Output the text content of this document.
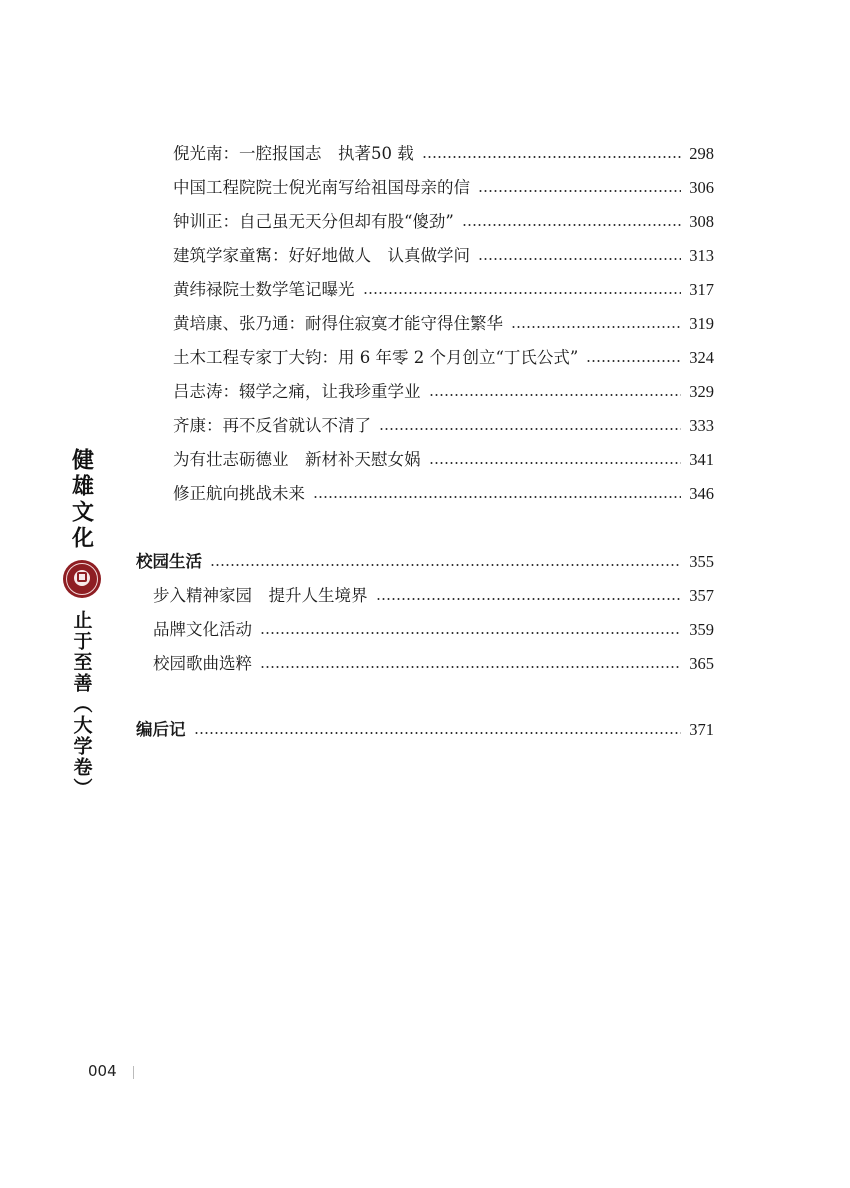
倪光南：一腔报国志　执著50 载	298
中国工程院院士倪光南写给祖国母亲的信	306
钟训正：自己虽无天分但却有股“傻劲”	308
建筑学家童寯：好好地做人　认真做学问	313
黄纬禄院士数学笔记曝光	317
黄培康、张乃通：耐得住寂寞才能守得住繁华	319
土木工程专家丁大钧：用 6 年零 2 个月创立“丁氏公式”	324
吕志涛：辍学之痛，让我珍重学业	329
齐康：再不反省就认不清了	333
为有壮志砺德业　新材补天慰女娲	341
修正航向挑战未来	346
校园生活	355
步入精神家园　提升人生境界	357
品牌文化活动	359
校园歌曲选粹	365
编后记	371
健雄文化
止于至善（大学卷）
004
